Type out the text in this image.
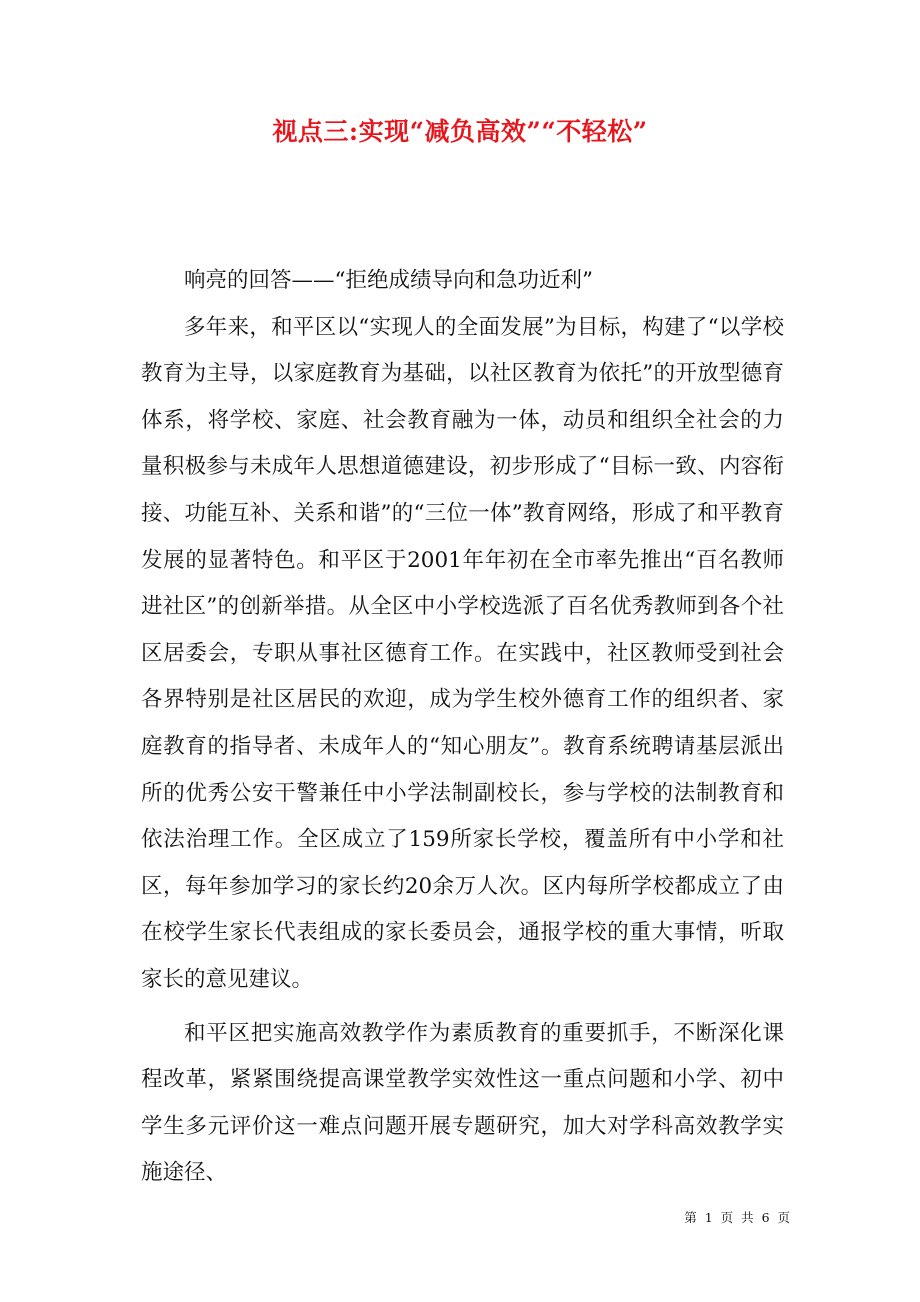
视点三:实现“减负高效”“不轻松”

响亮的回答——“拒绝成绩导向和急功近利”

多年来，和平区以“实现人的全面发展”为目标，构建了“以学校教育为主导，以家庭教育为基础，以社区教育为依托”的开放型德育体系，将学校、家庭、社会教育融为一体，动员和组织全社会的力量积极参与未成年人思想道德建设，初步形成了“目标一致、内容衔接、功能互补、关系和谐”的“三位一体”教育网络，形成了和平教育发展的显著特色。和平区于2001年年初在全市率先推出“百名教师进社区”的创新举措。从全区中小学校选派了百名优秀教师到各个社区居委会，专职从事社区德育工作。在实践中，社区教师受到社会各界特别是社区居民的欢迎，成为学生校外德育工作的组织者、家庭教育的指导者、未成年人的“知心朋友”。教育系统聘请基层派出所的优秀公安干警兼任中小学法制副校长，参与学校的法制教育和依法治理工作。全区成立了159所家长学校，覆盖所有中小学和社区，每年参加学习的家长约20余万人次。区内每所学校都成立了由在校学生家长代表组成的家长委员会，通报学校的重大事情，听取家长的意见建议。

和平区把实施高效教学作为素质教育的重要抓手，不断深化课程改革，紧紧围绕提高课堂教学实效性这一重点问题和小学、初中学生多元评价这一难点问题开展专题研究，加大对学科高效教学实施途径、

第 1 页 共 6 页
